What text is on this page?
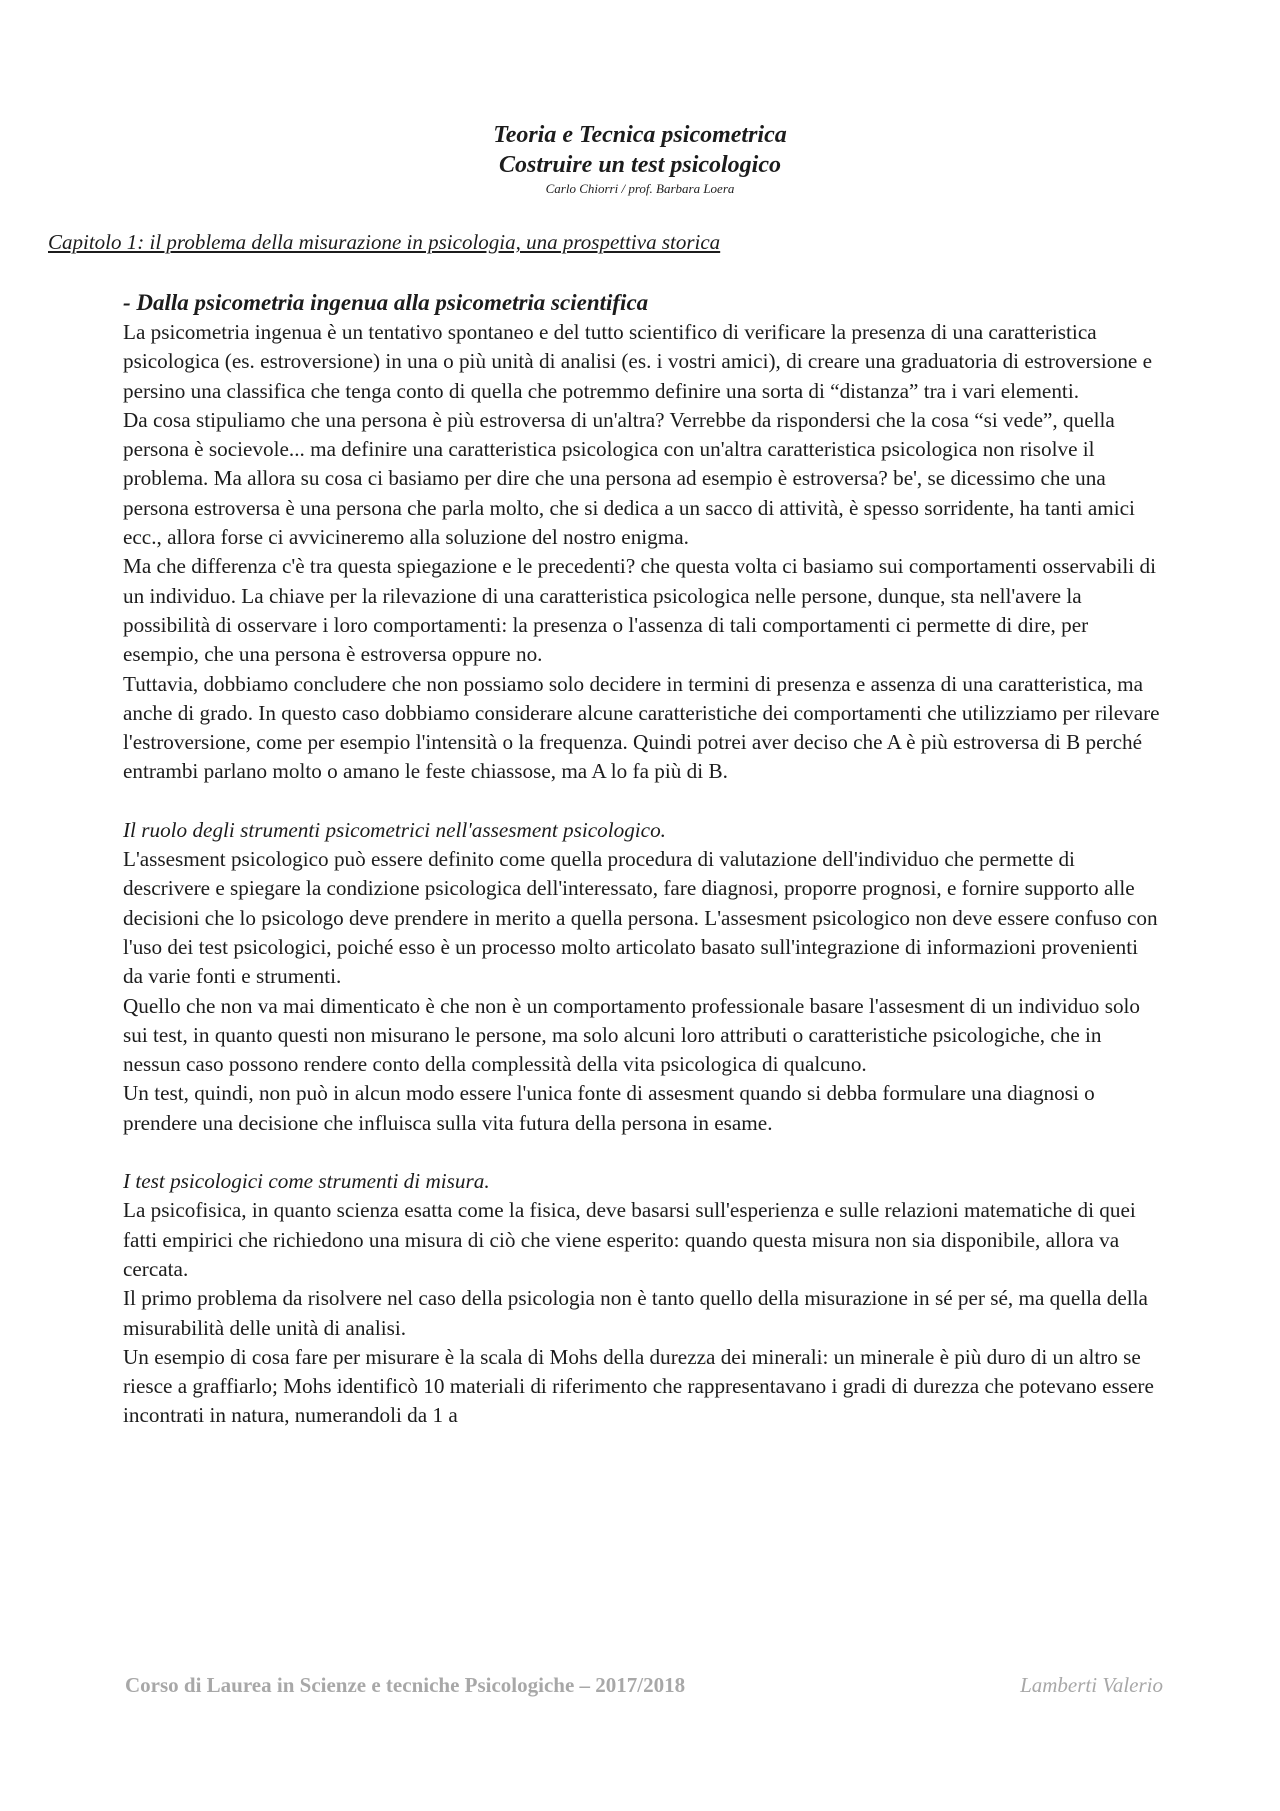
Teoria e Tecnica psicometrica

Costruire un test psicologico

Carlo Chiorri / prof. Barbara Loera

Capitolo 1: il problema della misurazione in psicologia, una prospettiva storica

- Dalla psicometria ingenua alla psicometria scientifica

La psicometria ingenua è un tentativo spontaneo e del tutto scientifico di verificare la presenza di una caratteristica psicologica (es. estroversione) in una o più unità di analisi (es. i vostri amici), di creare una graduatoria di estroversione e persino una classifica che tenga conto di quella che potremmo definire una sorta di “distanza” tra i vari elementi.

Da cosa stipuliamo che una persona è più estroversa di un'altra? Verrebbe da rispondersi che la cosa “si vede”, quella persona è socievole... ma definire una caratteristica psicologica con un'altra caratteristica psicologica non risolve il problema. Ma allora su cosa ci basiamo per dire che una persona ad esempio è estroversa? be', se dicessimo che una persona estroversa è una persona che parla molto, che si dedica a un sacco di attività, è spesso sorridente, ha tanti amici ecc., allora forse ci avvicineremo alla soluzione del nostro enigma.

Ma che differenza c'è tra questa spiegazione e le precedenti? che questa volta ci basiamo sui comportamenti osservabili di un individuo. La chiave per la rilevazione di una caratteristica psicologica nelle persone, dunque, sta nell'avere la possibilità di osservare i loro comportamenti: la presenza o l'assenza di tali comportamenti ci permette di dire, per esempio, che una persona è estroversa oppure no.

Tuttavia, dobbiamo concludere che non possiamo solo decidere in termini di presenza e assenza di una caratteristica, ma anche di grado. In questo caso dobbiamo considerare alcune caratteristiche dei comportamenti che utilizziamo per rilevare l'estroversione, come per esempio l'intensità o la frequenza. Quindi potrei aver deciso che A è più estroversa di B perché entrambi parlano molto o amano le feste chiassose, ma A lo fa più di B.

Il ruolo degli strumenti psicometrici nell'assesment psicologico.

L'assesment psicologico può essere definito come quella procedura di valutazione dell'individuo che permette di descrivere e spiegare la condizione psicologica dell'interessato, fare diagnosi, proporre prognosi, e fornire supporto alle decisioni che lo psicologo deve prendere in merito a quella persona. L'assesment psicologico non deve essere confuso con l'uso dei test psicologici, poiché esso è un processo molto articolato basato sull'integrazione di informazioni provenienti da varie fonti e strumenti.

Quello che non va mai dimenticato è che non è un comportamento professionale basare l'assesment di un individuo solo sui test, in quanto questi non misurano le persone, ma solo alcuni loro attributi o caratteristiche psicologiche, che in nessun caso possono rendere conto della complessità della vita psicologica di qualcuno.

Un test, quindi, non può in alcun modo essere l'unica fonte di assesment quando si debba formulare una diagnosi o prendere una decisione che influisca sulla vita futura della persona in esame.

I test psicologici come strumenti di misura.

La psicofisica, in quanto scienza esatta come la fisica, deve basarsi sull'esperienza e sulle relazioni matematiche di quei fatti empirici che richiedono una misura di ciò che viene esperito: quando questa misura non sia disponibile, allora va cercata.

Il primo problema da risolvere nel caso della psicologia non è tanto quello della misurazione in sé per sé, ma quella della misurabilità delle unità di analisi.

Un esempio di cosa fare per misurare è la scala di Mohs della durezza dei minerali: un minerale è più duro di un altro se riesce a graffiarlo; Mohs identificò 10 materiali di riferimento che rappresentavano i gradi di durezza che potevano essere incontrati in natura, numerandoli da 1 a

Corso di Laurea in Scienze e tecniche Psicologiche – 2017/2018	Lamberti Valerio
